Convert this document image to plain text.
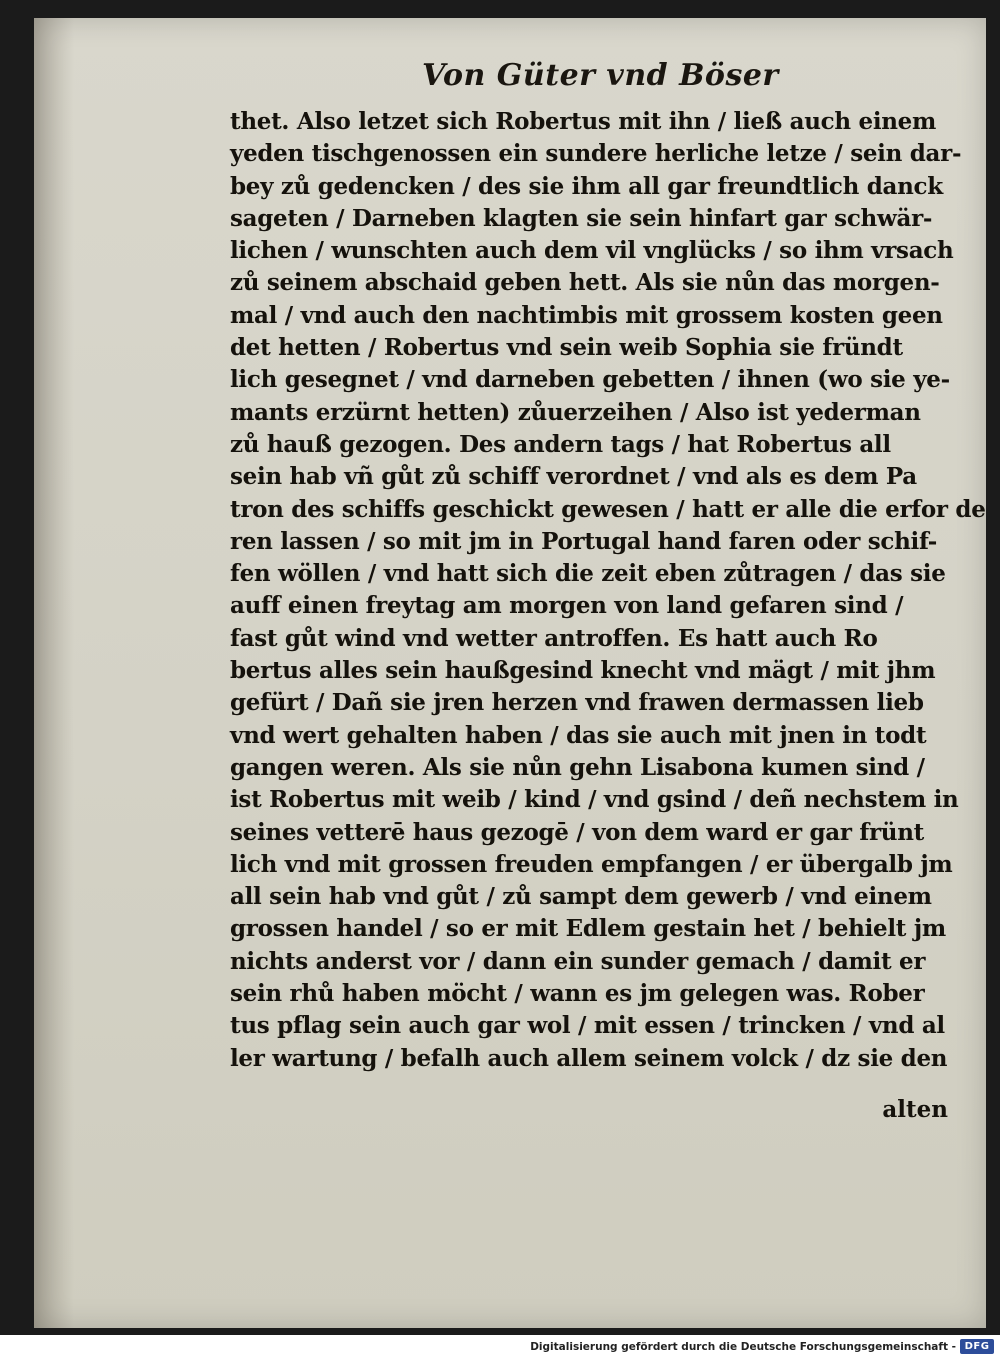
Von Güter vnd Böser
thet. Also letzet sich Robertus mit ihn / ließ auch einem
yeden tischgenossen ein sundere herliche letze / sein dar-
bey zů gedencken / des sie ihm all gar freundtlich danck
sageten / Darneben klagten sie sein hinfart gar schwär-
lichen / wunschten auch dem vil vnglücks / so ihm vrsach
zů seinem abschaid geben hett. Als sie nůn das morgen-
mal / vnd auch den nachtimbis mit grossem kosten geen
det hetten / Robertus vnd sein weib Sophia sie fründt
lich gesegnet / vnd darneben gebetten / ihnen (wo sie ye-
mants erzürnt hetten) zůuerzeihen / Also ist yederman
zů hauß gezogen. Des andern tags / hat Robertus all
sein hab vñ gůt zů schiff verordnet / vnd als es dem Pa
tron des schiffs geschickt gewesen / hatt er alle die erfor de
ren lassen / so mit jm in Portugal hand faren oder schif-
fen wöllen / vnd hatt sich die zeit eben zůtragen / das sie
auff einen freytag am morgen von land gefaren sind /
fast gůt wind vnd wetter antroffen. Es hatt auch Ro
bertus alles sein haußgesind knecht vnd mägt / mit jhm
gefürt / Dañ sie jren herzen vnd frawen dermassen lieb
vnd wert gehalten haben / das sie auch mit jnen in todt
gangen weren. Als sie nůn gehn Lisabona kumen sind /
ist Robertus mit weib / kind / vnd gsind / deñ nechstem in
seines vetterē haus gezogē / von dem ward er gar frünt
lich vnd mit grossen freuden empfangen / er übergalb jm
all sein hab vnd gůt / zů sampt dem gewerb / vnd einem
grossen handel / so er mit Edlem gestain het / behielt jm
nichts anderst vor / dann ein sunder gemach / damit er
sein rhů haben möcht / wann es jm gelegen was. Rober
tus pflag sein auch gar wol / mit essen / trincken / vnd al
ler wartung / befalh auch allem seinem volck / dz sie den
alten
Digitalisierung gefördert durch die Deutsche Forschungsgemeinschaft - DFG
